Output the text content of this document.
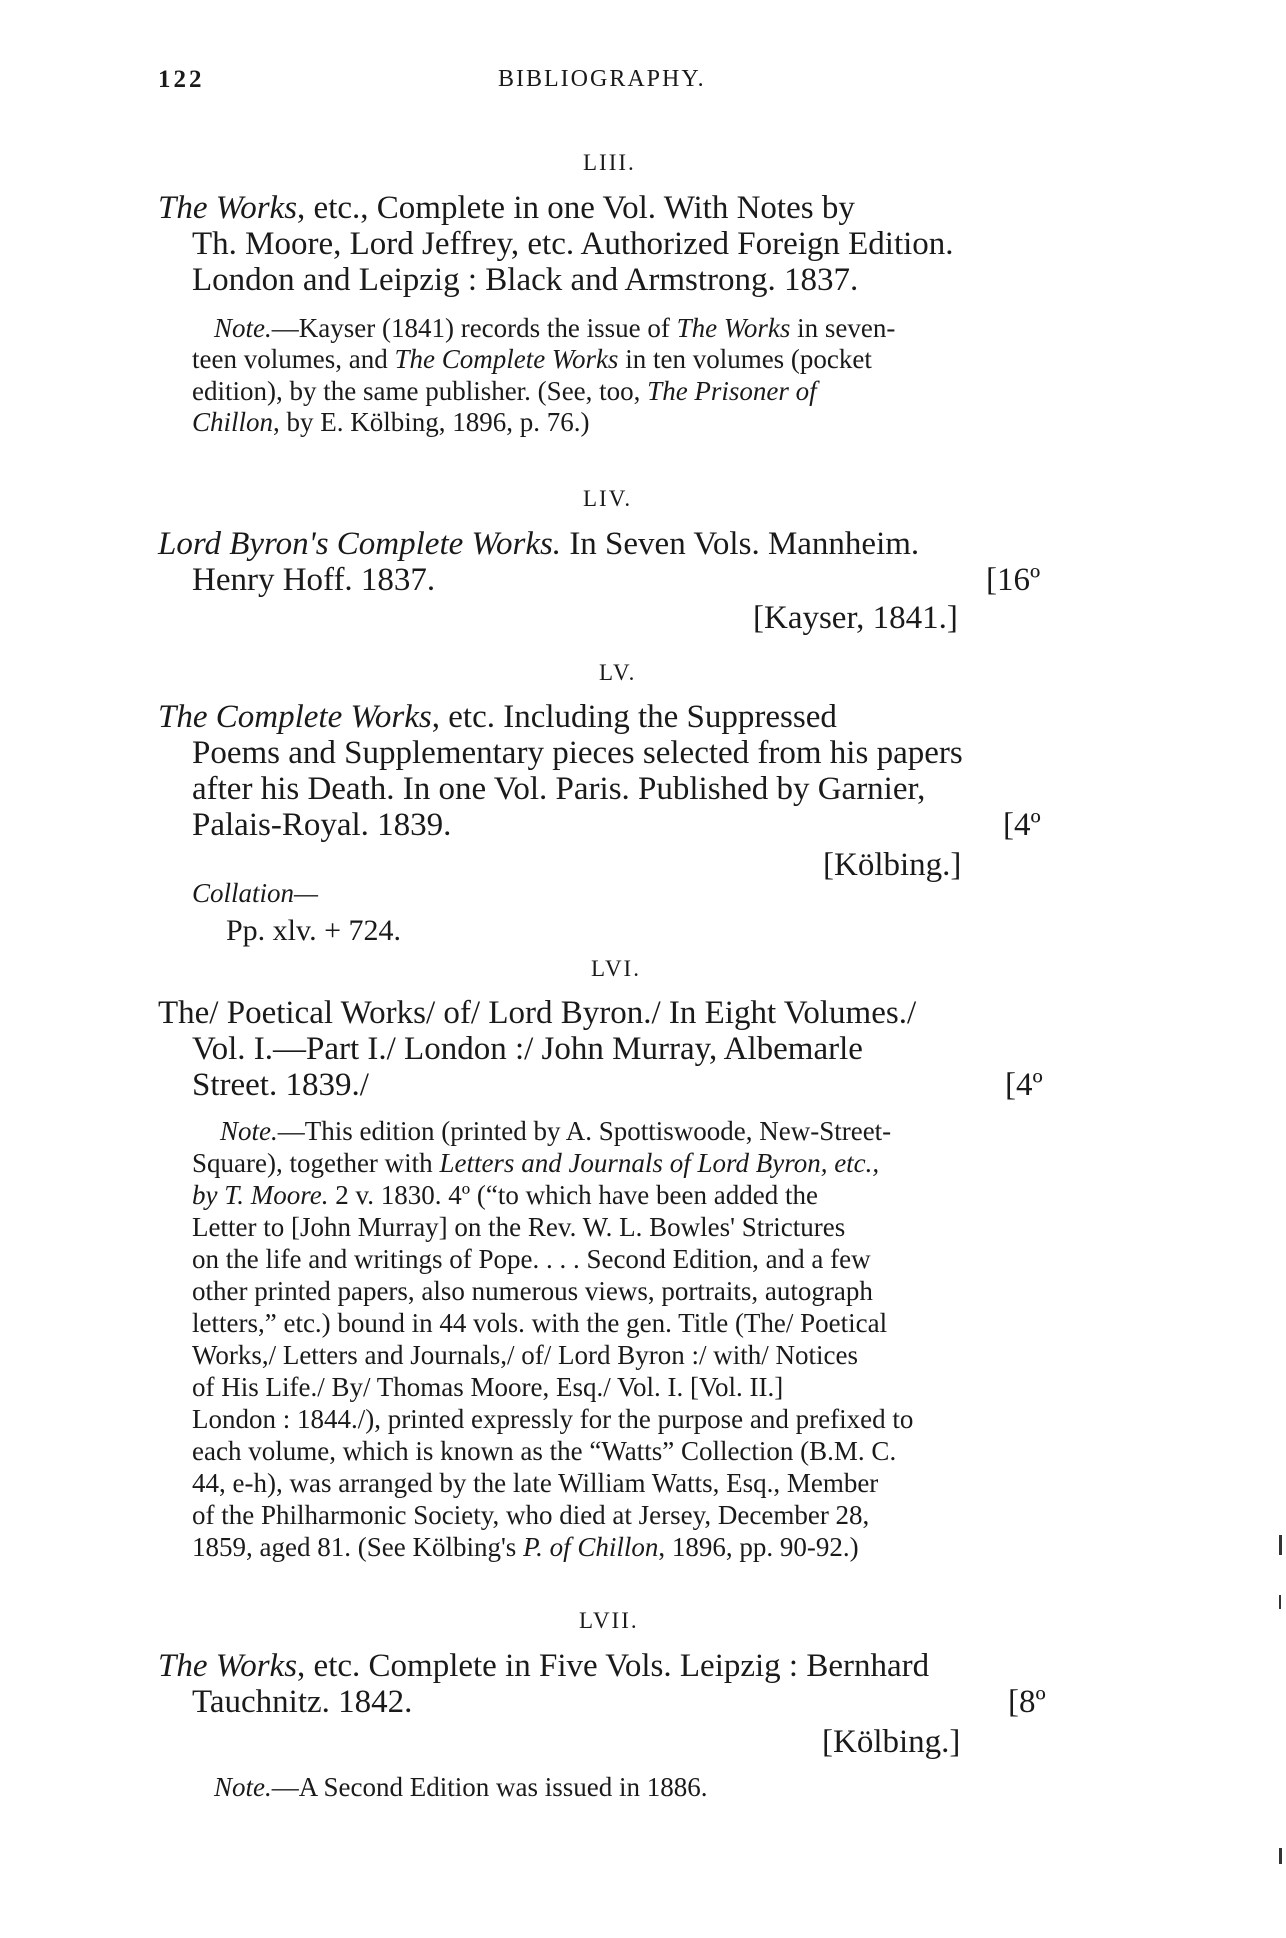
122	BIBLIOGRAPHY.
LIII.
The Works, etc., Complete in one Vol. With Notes by
Th. Moore, Lord Jeffrey, etc. Authorized Foreign Edition.
London and Leipzig : Black and Armstrong. 1837.
Note.—Kayser (1841) records the issue of The Works in seven-
teen volumes, and The Complete Works in ten volumes (pocket
edition), by the same publisher. (See, too, The Prisoner of
Chillon, by E. Kölbing, 1896, p. 76.)
LIV.
Lord Byron's Complete Works. In Seven Vols. Mannheim.
Henry Hoff. 1837.	[16º
[Kayser, 1841.]
LV.
The Complete Works, etc. Including the Suppressed
Poems and Supplementary pieces selected from his papers
after his Death. In one Vol. Paris. Published by Garnier,
Palais-Royal. 1839.	[4º
[Kölbing.]
Collation—
Pp. xlv. + 724.
LVI.
The/ Poetical Works/ of/ Lord Byron./ In Eight Volumes./
Vol. I.—Part I./ London :/ John Murray, Albemarle
Street. 1839./	[4º
Note.—This edition (printed by A. Spottiswoode, New-Street-
Square), together with Letters and Journals of Lord Byron, etc.,
by T. Moore. 2 v. 1830. 4º (“to which have been added the
Letter to [John Murray] on the Rev. W. L. Bowles' Strictures
on the life and writings of Pope. . . . Second Edition, and a few
other printed papers, also numerous views, portraits, autograph
letters,” etc.) bound in 44 vols. with the gen. Title (The/ Poetical
Works,/ Letters and Journals,/ of/ Lord Byron :/ with/ Notices
of His Life./ By/ Thomas Moore, Esq./ Vol. I. [Vol. II.]
London : 1844./), printed expressly for the purpose and prefixed to
each volume, which is known as the “Watts” Collection (B.M. C.
44, e-h), was arranged by the late William Watts, Esq., Member
of the Philharmonic Society, who died at Jersey, December 28,
1859, aged 81. (See Kölbing's P. of Chillon, 1896, pp. 90-92.)
LVII.
The Works, etc. Complete in Five Vols. Leipzig : Bernhard
Tauchnitz. 1842.	[8º
[Kölbing.]
Note.—A Second Edition was issued in 1886.
